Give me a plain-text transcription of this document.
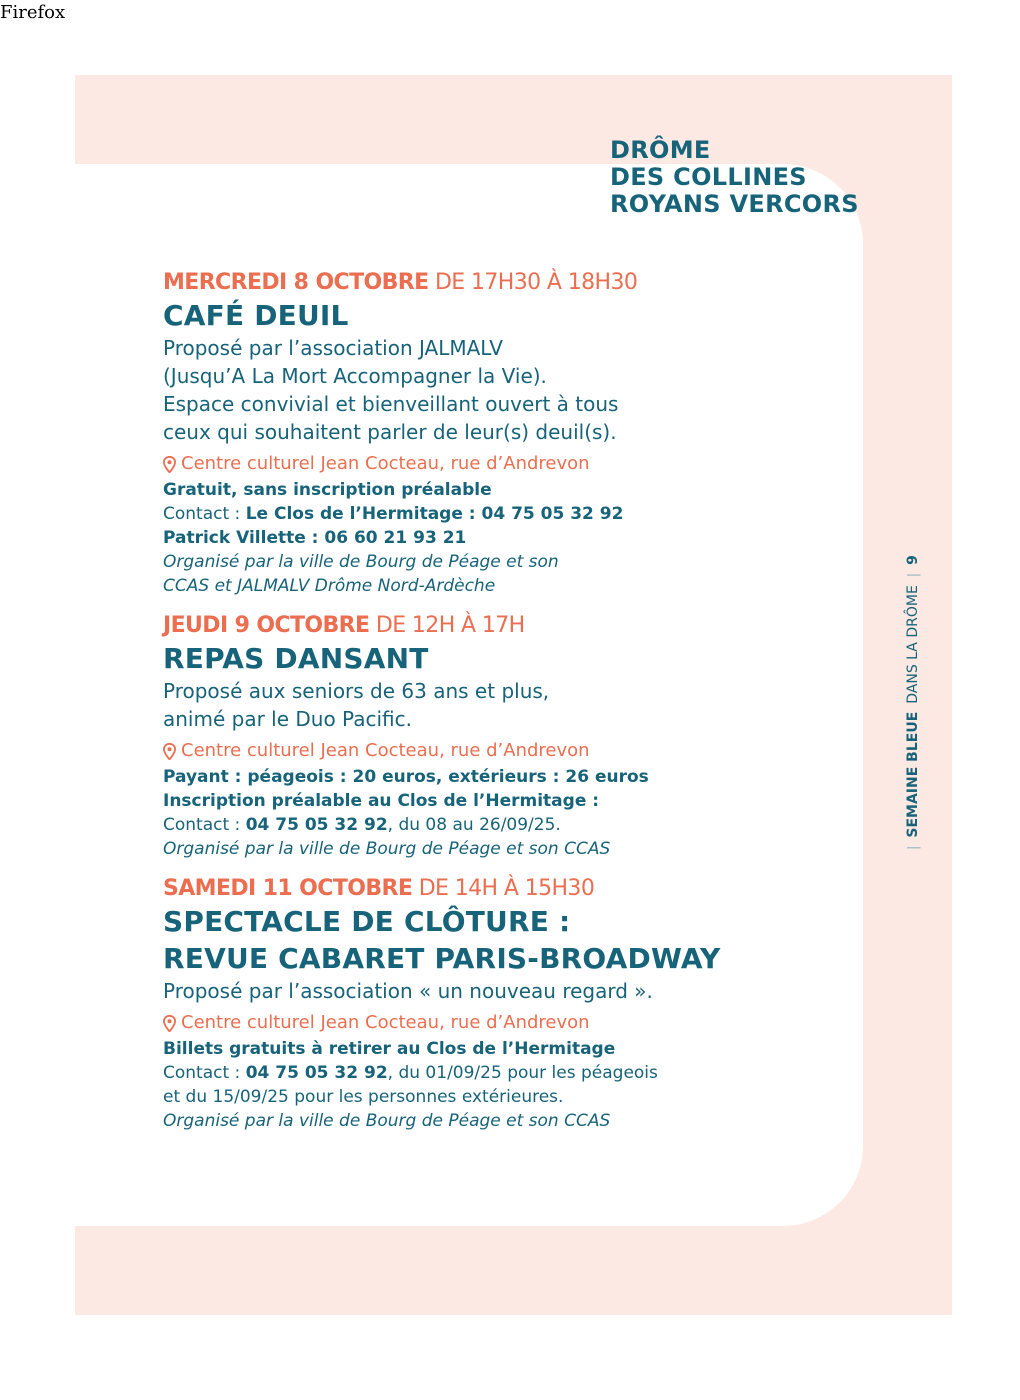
Firefox
DRÔME
DES COLLINES
ROYANS VERCORS
|
SEMAINE BLEUE
DANS LA DRÔME
|
9
MERCREDI 8 OCTOBRE DE 17H30 À 18H30
CAFÉ DEUIL
Proposé par l’association JALMALV
(Jusqu’A La Mort Accompagner la Vie).
Espace convivial et bienveillant ouvert à tous
ceux qui souhaitent parler de leur(s) deuil(s).
Centre culturel Jean Cocteau, rue d’Andrevon
Gratuit, sans inscription préalable
Contact : Le Clos de l’Hermitage : 04 75 05 32 92
Patrick Villette : 06 60 21 93 21
Organisé par la ville de Bourg de Péage et son
CCAS et JALMALV Drôme Nord-Ardèche
JEUDI 9 OCTOBRE DE 12H À 17H
REPAS DANSANT
Proposé aux seniors de 63 ans et plus,
animé par le Duo Pacific.
Centre culturel Jean Cocteau, rue d’Andrevon
Payant : péageois : 20 euros, extérieurs : 26 euros
Inscription préalable au Clos de l’Hermitage :
Contact : 04 75 05 32 92, du 08 au 26/09/25.
Organisé par la ville de Bourg de Péage et son CCAS
SAMEDI 11 OCTOBRE DE 14H À 15H30
SPECTACLE DE CLÔTURE :
REVUE CABARET PARIS-BROADWAY
Proposé par l’association « un nouveau regard ».
Centre culturel Jean Cocteau, rue d’Andrevon
Billets gratuits à retirer au Clos de l’Hermitage
Contact : 04 75 05 32 92, du 01/09/25 pour les péageois
et du 15/09/25 pour les personnes extérieures.
Organisé par la ville de Bourg de Péage et son CCAS
